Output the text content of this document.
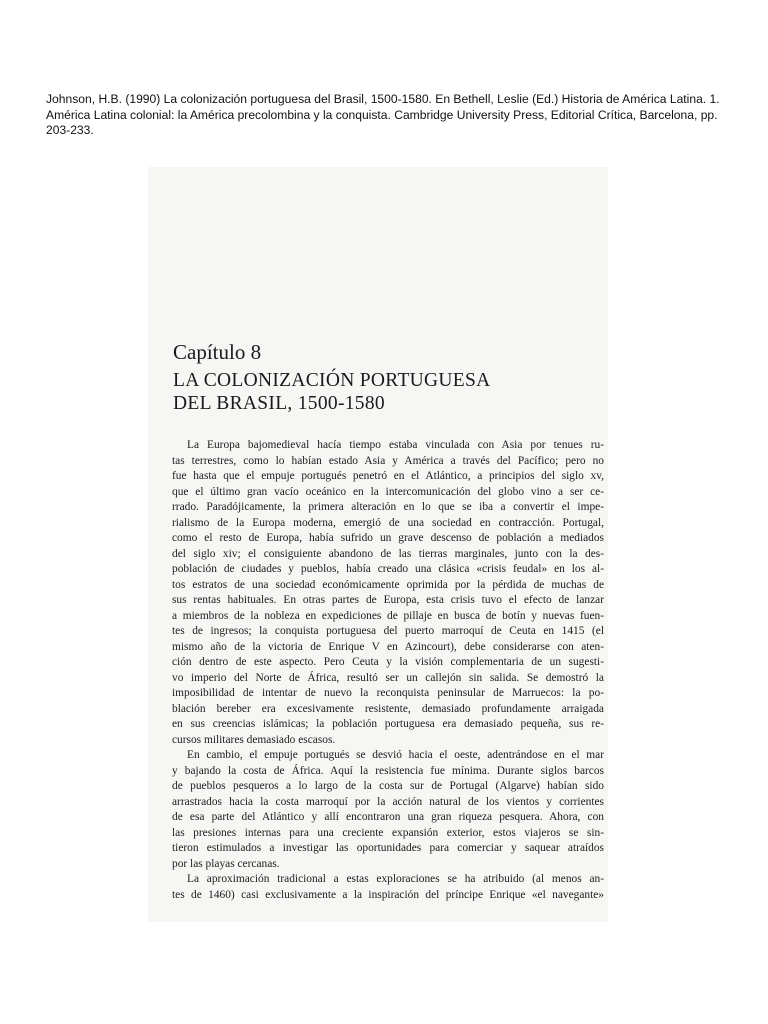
Johnson, H.B. (1990) La colonización portuguesa del Brasil, 1500-1580. En Bethell, Leslie (Ed.) Historia de América Latina. 1.
América Latina colonial: la América precolombina y la conquista. Cambridge University Press, Editorial Crítica, Barcelona, pp.
203-233.
Capítulo 8
LA COLONIZACIÓN PORTUGUESA
DEL BRASIL, 1500-1580
La Europa bajomedieval hacía tiempo estaba vinculada con Asia por tenues ru-
tas terrestres, como lo habían estado Asia y América a través del Pacífico; pero no
fue hasta que el empuje portugués penetró en el Atlántico, a principios del siglo xv,
que el último gran vacío oceánico en la intercomunicación del globo vino a ser ce-
rrado. Paradójicamente, la primera alteración en lo que se iba a convertir el impe-
rialismo de la Europa moderna, emergió de una sociedad en contracción. Portugal,
como el resto de Europa, había sufrido un grave descenso de población a mediados
del siglo xiv; el consiguiente abandono de las tierras marginales, junto con la des-
población de ciudades y pueblos, había creado una clásica «crisis feudal» en los al-
tos estratos de una sociedad económicamente oprimida por la pérdida de muchas de
sus rentas habituales. En otras partes de Europa, esta crisis tuvo el efecto de lanzar
a miembros de la nobleza en expediciones de pillaje en busca de botín y nuevas fuen-
tes de ingresos; la conquista portuguesa del puerto marroquí de Ceuta en 1415 (el
mismo año de la victoria de Enrique V en Azincourt), debe considerarse con aten-
ción dentro de este aspecto. Pero Ceuta y la visión complementaria de un sugesti-
vo imperio del Norte de África, resultó ser un callejón sin salida. Se demostró la
imposibilidad de intentar de nuevo la reconquista peninsular de Marruecos: la po-
blación bereber era excesivamente resistente, demasiado profundamente arraigada
en sus creencias islámicas; la población portuguesa era demasiado pequeña, sus re-
cursos militares demasiado escasos.
En cambio, el empuje portugués se desvió hacia el oeste, adentrándose en el mar
y bajando la costa de África. Aquí la resistencia fue mínima. Durante siglos barcos
de pueblos pesqueros a lo largo de la costa sur de Portugal (Algarve) habían sido
arrastrados hacia la costa marroquí por la acción natural de los vientos y corrientes
de esa parte del Atlántico y allí encontraron una gran riqueza pesquera. Ahora, con
las presiones internas para una creciente expansión exterior, estos viajeros se sin-
tieron estimulados a investigar las oportunidades para comerciar y saquear atraídos
por las playas cercanas.
La aproximación tradicional a estas exploraciones se ha atribuido (al menos an-
tes de 1460) casi exclusivamente a la inspiración del príncipe Enrique «el navegante»
